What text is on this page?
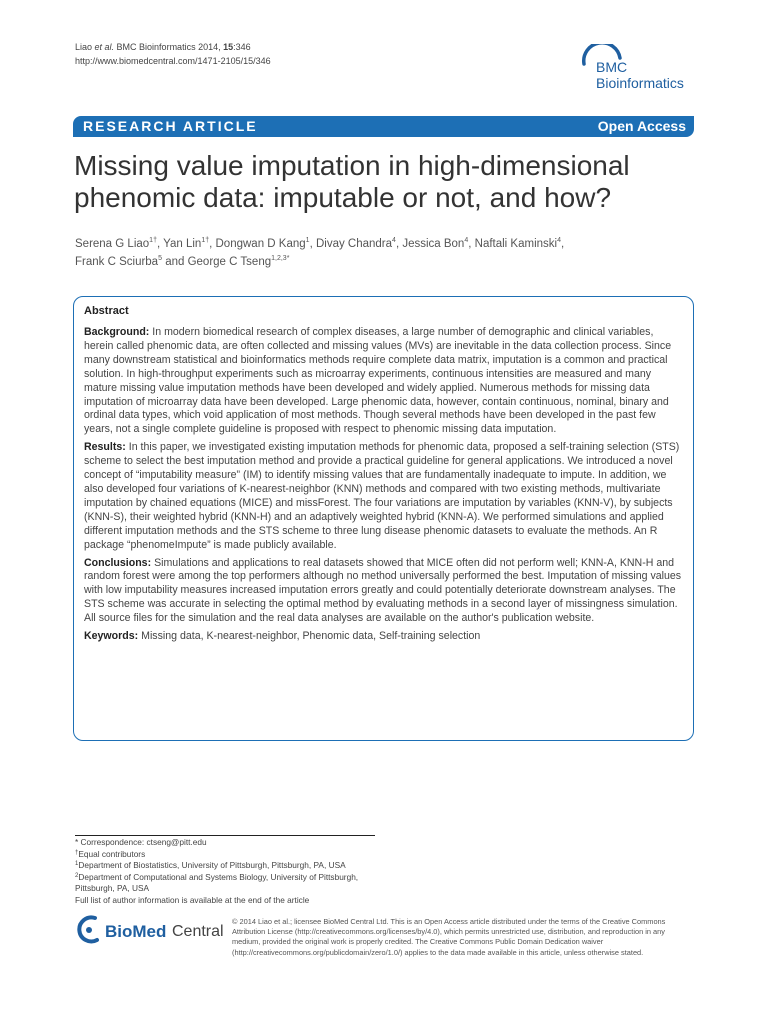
Liao et al. BMC Bioinformatics 2014, 15:346
http://www.biomedcentral.com/1471-2105/15/346	BMC
Bioinformatics
RESEARCH ARTICLE	Open Access
Missing value imputation in high-dimensional
phenomic data: imputable or not, and how?
Serena G Liao$^{1\dagger}$, Yan Lin$^{1\dagger}$, Dongwan D Kang$^1$, Divay Chandra$^4$, Jessica Bon$^4$, Naftali Kaminski$^4$,
Frank C Sciurba$^5$ and George C Tseng$^{1,2,3*}$
Abstract

Background: In modern biomedical research of complex diseases, a large number of demographic and clinical variables, herein called phenomic data, are often collected and missing values (MVs) are inevitable in the data collection process. Since many downstream statistical and bioinformatics methods require complete data matrix, imputation is a common and practical solution. In high-throughput experiments such as microarray experiments, continuous intensities are measured and many mature missing value imputation methods have been developed and widely applied. Numerous methods for missing data imputation of microarray data have been developed. Large phenomic data, however, contain continuous, nominal, binary and ordinal data types, which void application of most methods. Though several methods have been developed in the past few years, not a single complete guideline is proposed with respect to phenomic missing data imputation.

Results: In this paper, we investigated existing imputation methods for phenomic data, proposed a self-training selection (STS) scheme to select the best imputation method and provide a practical guideline for general applications. We introduced a novel concept of “imputability measure” (IM) to identify missing values that are fundamentally inadequate to impute. In addition, we also developed four variations of K-nearest-neighbor (KNN) methods and compared with two existing methods, multivariate imputation by chained equations (MICE) and missForest. The four variations are imputation by variables (KNN-V), by subjects (KNN-S), their weighted hybrid (KNN-H) and an adaptively weighted hybrid (KNN-A). We performed simulations and applied different imputation methods and the STS scheme to three lung disease phenomic datasets to evaluate the methods. An R package “phenomeImpute” is made publicly available.

Conclusions: Simulations and applications to real datasets showed that MICE often did not perform well; KNN-A, KNN-H and random forest were among the top performers although no method universally performed the best. Imputation of missing values with low imputability measures increased imputation errors greatly and could potentially deteriorate downstream analyses. The STS scheme was accurate in selecting the optimal method by evaluating methods in a second layer of missingness simulation. All source files for the simulation and the real data analyses are available on the author's publication website.

Keywords: Missing data, K-nearest-neighbor, Phenomic data, Self-training selection

* Correspondence: ctseng@pitt.edu
†Equal contributors
$^1$Department of Biostatistics, University of Pittsburgh, Pittsburgh, PA, USA
$^2$Department of Computational and Systems Biology, University of Pittsburgh,
Pittsburgh, PA, USA
Full list of author information is available at the end of the article
BioMed Central
© 2014 Liao et al.; licensee BioMed Central Ltd. This is an Open Access article distributed under the terms of the Creative Commons Attribution License (http://creativecommons.org/licenses/by/4.0), which permits unrestricted use, distribution, and reproduction in any medium, provided the original work is properly credited. The Creative Commons Public Domain Dedication waiver (http://creativecommons.org/publicdomain/zero/1.0/) applies to the data made available in this article, unless otherwise stated.
